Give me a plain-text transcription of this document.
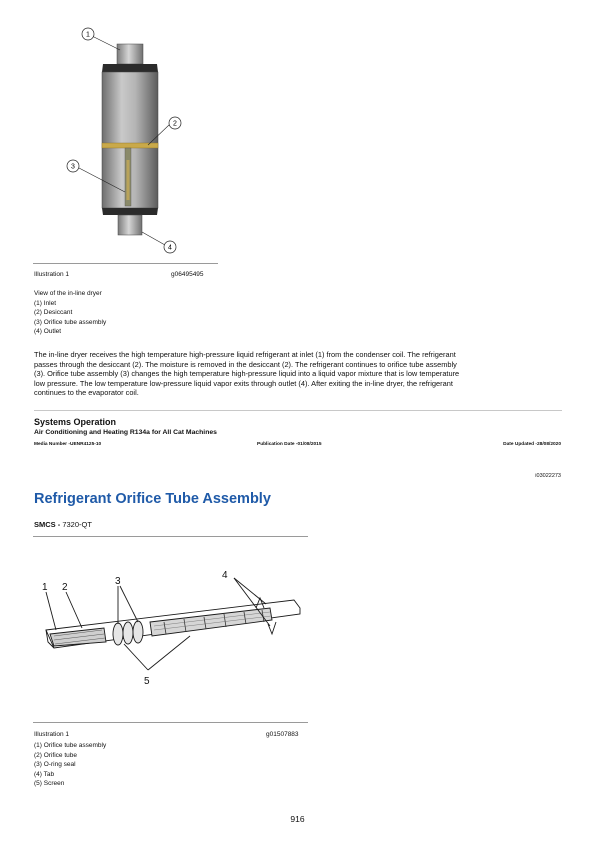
1
2
3
4
Illustration 1	g06495495
View of the in-line dryer
(1) Inlet
(2) Desiccant
(3) Orifice tube assembly
(4) Outlet
The in-line dryer receives the high temperature high-pressure liquid refrigerant at inlet (1) from the condenser coil. The refrigerant
passes through the desiccant (2). The moisture is removed in the desiccant (2). The refrigerant continues to orifice tube assembly
(3). Orifice tube assembly (3) changes the high temperature high-pressure liquid into a liquid vapor mixture that is low temperature
low pressure. The low temperature low-pressure liquid vapor exits through outlet (4). After exiting the in-line dryer, the refrigerant
continues to the evaporator coil.
Systems Operation
Air Conditioning and Heating R134a for All Cat Machines
Media Number -UENR4125-10	Publication Date -01/08/2015	Date Updated -28/08/2020
i03022273
Refrigerant Orifice Tube Assembly
SMCS - 7320-QT
1 2
3
4
5
Illustration 1	g01507883
(1) Orifice tube assembly
(2) Orifice tube
(3) O-ring seal
(4) Tab
(5) Screen
916
